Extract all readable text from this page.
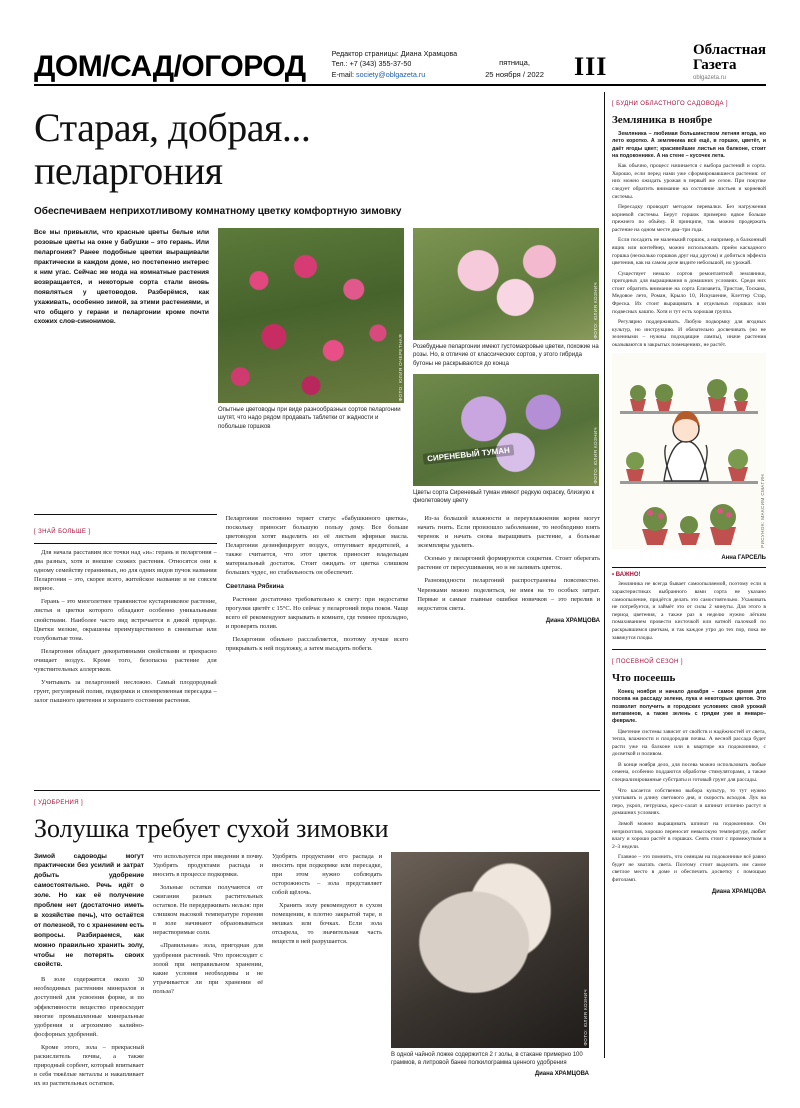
ДОМ/САД/ОГОРОД	Редактор страницы: Диана Храмцова
Тел.: +7 (343) 355-37-50
E-mail: society@oblgazeta.ru
пятница,
25 ноября / 2022 III
Областная
Газета
oblgazeta.ru
Старая, добрая...
пеларгония
Обеспечиваем неприхотливому комнатному цветку комфортную зимовку
Все мы привыкли, что красные цветы белые или розовые цветы на окне у бабушки – это герань. Или пеларгония? Ранее подобные цветки выращивали практически в каждом доме, но постепенно интерес к ним угас. Сейчас же мода на комнатные растения возвращается, и некоторые сорта стали вновь появляться у цветоводов. Разберёмся, как ухаживать, особенно зимой, за этими растениями, и что общего у герани и пеларгонии кроме почти схожих слов-синонимов.
ФОТО: ЮЛИЯ ОЧЕРЕТНАЯ
Опытные цветоводы при виде разнообразных сортов пеларгонии шутят, что надо рядом продавать таблетки от жадности и побольше горшков
ФОТО: ЮЛИЯ КОЗНИЧ
Розебудные пеларгонии имеют густомахровые цветки, похожие на розы. Но, в отличие от классических сортов, у этого гибрида бутоны не раскрываются до конца
СИРЕНЕВЫЙ ТУМАН	ФОТО: ЮЛИЯ КОЗНИЧ
Цветы сорта Сиреневый туман имеют редкую окраску, близкую к фиолетовому цвету
[ ЗНАЙ БОЛЬШЕ ]

Для начала расставим все точки над «и»: герань и пеларгония – два разных, хотя и внешне схожих растения. Относятся они к одному семейству гераниевых, но для одних видов пучок названия Пеларгония – это, скорее всего, житейское название и не совсем верное.

Герань – это многолетнее травянистое кустарниковое растение, листья и цветки которого обладают особенно уникальными свойствами. Наиболее часто вид встречается в дикой природе. Цветки мелкие, окрашены преимущественно в синеватые или голубоватые тона.

Пеларгония обладает декоративными свойствами и прекрасно очищает воздух. Кроме того, безопасна растение для чувствительных аллергиков.

Учитывать за пеларгонией несложно. Самый плодородный грунт, регулярный полив, подкормки и своевременная пересадка – залог пышного цветения и хорошего состояния растения.

Пеларгония постоянно теряет статус «бабушкиного цветка», поскольку приносит большую пользу дому. Все больше цветоводов хотят выделить из её листьев эфирные масла. Пеларгония дезинфицирует воздух, отпугивает вредителей, а также считается, что этот цветок приносит владельцам материальный достаток. Стоит ожидать от цветка слишком больших чудес, но стабильность он обеспечит.

Светлана Рябкина

Растение достаточно требовательно к свету: при недостатке прогулки цветёт с 15°С. Но сейчас у пеларгоний пора покоя. Чаще всего её рекомендуют закрывать в комнате, где темнее прохладно, и проверять полив.

Пеларгония обильно расслабляется, поэтому лучше всего прикрывать к ней подложку, а затем высадить побеги.

Из-за большой влажности и переувлажнения корни могут начать гнить. Если произошло заболевание, то необходимо взять черенок и начать снова выращивать растение, а больные экземпляры удалить.

Осенью у пеларгоний формируются соцветия. Стоит оберегать растение от пересушивания, но и не заливать цветок.

Разновидности пеларгоний распространены повсеместно. Черенками можно поделиться, не имея на то особых затрат. Первые и самые главные ошибки новичков – это перелив и недостаток света.

Диана ХРАМЦОВА
[ УДОБРЕНИЯ ]
Золушка требует сухой зимовки
Зимой садоводы могут практически без усилий и затрат добыть удобрение самостоятельно. Речь идёт о золе. Но как её получение проблем нет (достаточно иметь в хозяйстве печь), что остаётся от полезной, то с хранением есть вопросы. Разбираемся, как можно правильно хранить золу, чтобы не потерять своих свойств.

В золе содержится около 30 необходимых растениям минералов и доступней для усвоения форме, и по эффективности вещество превосходит многие промышленные минеральные удобрения и агрохимию калийно-фосфорных удобрений.

Кроме этого, зола – прекрасный раскислитель почвы, а также природный сорбент, который впитывает в себя тяжёлые металлы и накапливает их из растительных остатков.

что используется при введении в почву. Удобрять продуктами распада и вносить в процессе подкормки.

Зольные остатки получаются от сжигания разных растительных остатков. Не передерживать нельзя: при слишком высокой температуре горения в золе начинают образовываться нерастворимые соли.

«Правильная» зола, пригодная для удобрения растений. Что происходит с золой при неправильном хранении, какие условия необходимы и не утрачивается ли при хранении её польза?

Удобрять продуктами его распада и вносить при подкормке или пересадке, при этом нужно соблюдать осторожность – зола представляет собой щёлочь.

Хранить золу рекомендуют в сухом помещении, в плотно закрытой таре, в мешках или бочках. Если зола отсырела, то значительная часть веществ в ней разрушается.

ФОТО: ЮЛИЯ КОЗНИЧ
В одной чайной ложке содержится 2 г золы, в стакане примерно 100 граммов, в литровой банке полкилограмма ценного удобрения
Диана ХРАМЦОВА
[ БУДНИ ОБЛАСТНОГО САДОВОДА ]
Земляника в ноябре

Земляника – любимая большинством летняя ягода, но лето коротко. А земляника всё ещё, в горшке, цветёт, и даёт ягоды цвет; красивейшие листья на балконе, стоит на подоконнике. А на стене – кусочек лета.

Как обычно, процесс начинается с выбора растений и сорта. Хорошо, если перед нами уже сформировавшиеся растения: от них можно ожидать урожая в первый же сезон. При покупке следует обратить внимание на состояние листьев и корневой системы.

Пересадку проводят методом перевалки. Без нагружения корневой системы. Берут горшок примерно вдвое больше прежнего по объёму. В принципе, так можно продержать растение на одном месте два–три года.

Если посадить не маленький горшок, а например, в балконный ящик или контейнер, можно использовать приём каскадного горшка (несколько горшков друг над другом) и добиться эффекта цветения, как на самом деле видите небольшой, но урожай.

Существует немало сортов ремонтантной земляники, пригодных для выращивания в домашних условиях. Среди них стоит обратить внимание на сорта Елизавета, Тристан, Тоскана, Медовое лето, Роман, Крыло 10, Искушение, Клеттер Стар, Фреска. Их стоит выращивать в отдельных горшках или подвесных кашпо. Хотя и тут есть хорошая группа.

Регулярно поддерживать. Любую подкормку для ягодных культур, но инструкцию. И обязательно досвечивать (но не зеленными – нужны подходящие лампы), иначе растения оказываются в закрытых помещениях, не растёт.

РИСУНОК: МАКСИМ СМАГИН
Анна ГАРСЕЛЬ
• ВАЖНО!

Земляника не всегда бывает самоопыляемой, поэтому если в характеристиках выбранного вами сорта не указано самоопыление, придётся делать это самостоятельно. Ухаживать не потребуется, и займёт это от силы 2 минуты. Для этого в период цветения, а также раз в неделю нужно лёгким помахиванием провести кисточкой или ватной палочкой по раскрывшимся цветкам, и так каждое утро до тех пор, пока не завяжутся плоды.

[ ПОСЕВНОЙ СЕЗОН ]
Что посеешь

Конец ноября и начало декабря – самое время для посева на рассаду зелени, лука и некоторых цветов. Это позволит получить в городских условиях свой урожай витаминов, а также зелень с грядки уже в январе–феврале.

Цветение системы зависит от свойств и надёжностей от света, тепла, влажности и плодородия почвы. А весной рассада будет расти уже на балконе или в квартире на подоконнике, с досветкой и поливом.

В конце ноября дело, для посева можно использовать любые семена, особенно поддаются обработке стимуляторами, а также специализированные субстраты и готовый грунт для рассады.

Что касается собственно выбора культур, то тут нужно учитывать и длину светового дня, и скорость всходов. Лук на перо, укроп, петрушка, кресс-салат и шпинат отлично растут в домашних условиях.

Зимой можно выращивать шпинат на подоконнике. Он неприхотлив, хорошо переносит невысокую температуру, любит влагу и хорошо растёт в горшках. Сеять стоит с промежутком в 2–3 недели.

Главное – это помнить, что сеянцам на подоконнике всё равно будет не хватать света. Поэтому стоит выделить им самое светлое место в доме и обеспечить досветку с помощью фитоламп.

Диана ХРАМЦОВА
